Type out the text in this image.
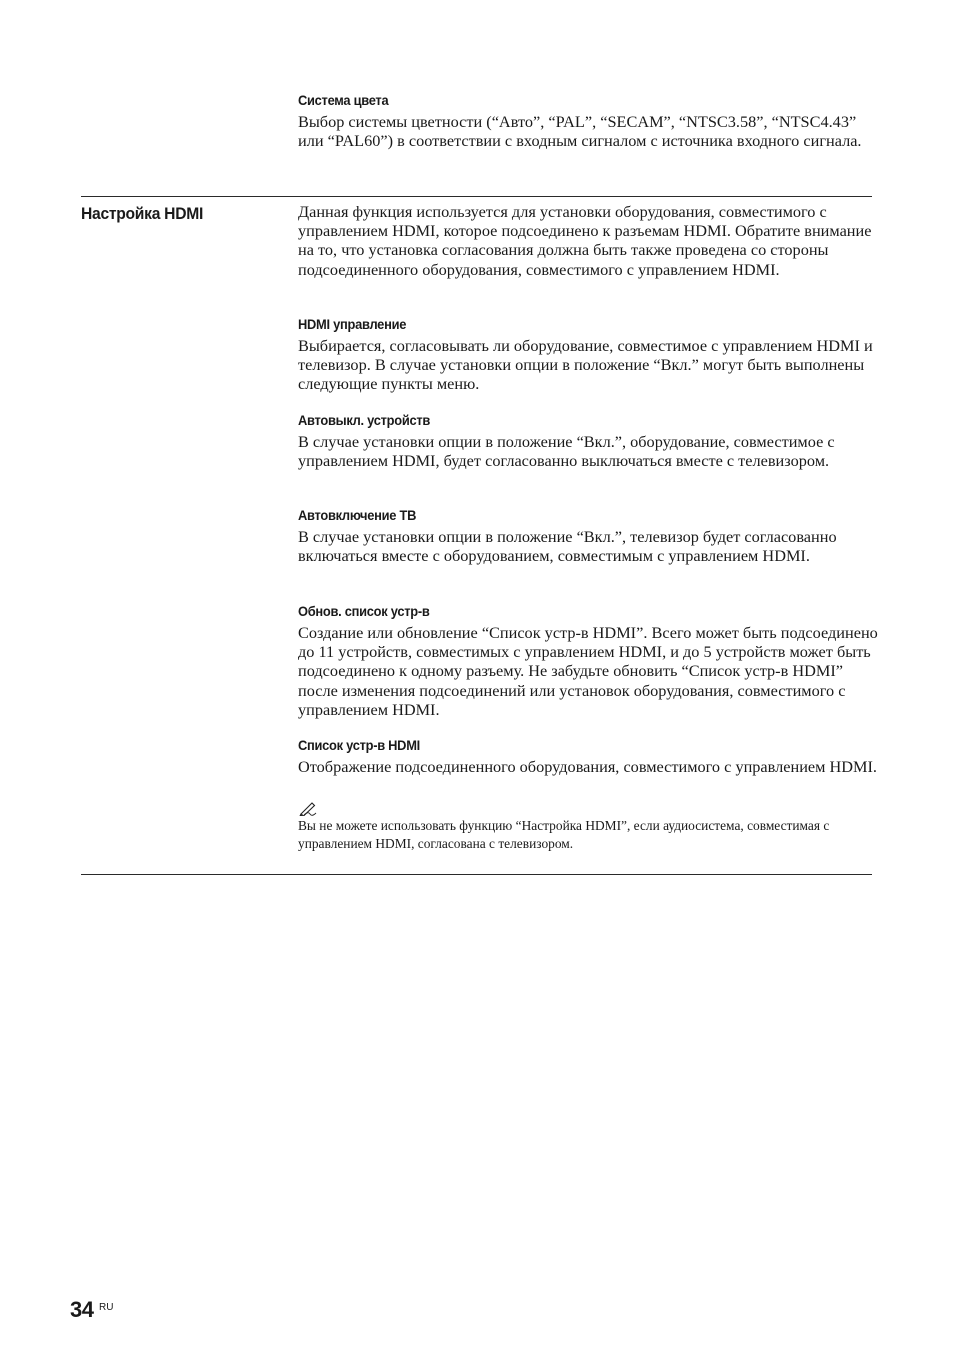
Система цвета

Выбор системы цветности (“Авто”, “PAL”, “SECAM”, “NTSC3.58”, “NTSC4.43” или “PAL60”) в соответствии с входным сигналом с источника входного сигнала.

Настройка HDMI	Данная функция используется для установки оборудования, совместимого с управлением HDMI, которое подсоединено к разъемам HDMI. Обратите внимание на то, что установка согласования должна быть также проведена со стороны подсоединенного оборудования, совместимого с управлением HDMI.

HDMI управление

Выбирается, согласовывать ли оборудование, совместимое с управлением HDMI и телевизор. В случае установки опции в положение “Вкл.” могут быть выполнены следующие пункты меню.

Автовыкл. устройств

В случае установки опции в положение “Вкл.”, оборудование, совместимое с управлением HDMI, будет согласованно выключаться вместе с телевизором.

Автовключение ТВ

В случае установки опции в положение “Вкл.”, телевизор будет согласованно включаться вместе с оборудованием, совместимым с управлением HDMI.

Обнов. список устр-в

Создание или обновление “Список устр-в HDMI”. Всего может быть подсоединено до 11 устройств, совместимых с управлением HDMI, и до 5 устройств может быть подсоединено к одному разъему. Не забудьте обновить “Список устр-в HDMI” после изменения подсоединений или установок оборудования, совместимого с управлением HDMI.

Список устр-в HDMI

Отображение подсоединенного оборудования, совместимого с управлением HDMI.

Вы не можете использовать функцию “Настройка HDMI”, если аудиосистема, совместимая с управлением HDMI, согласована с телевизором.

34 RU
